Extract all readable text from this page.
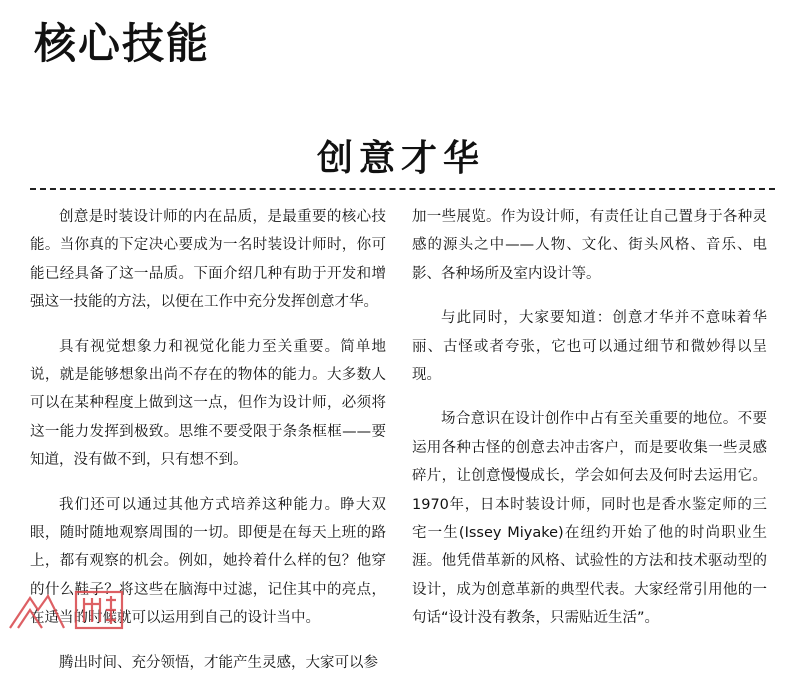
核心技能
创意才华

创意是时装设计师的内在品质，是最重要的核心技能。当你真的下定决心要成为一名时装设计师时，你可能已经具备了这一品质。下面介绍几种有助于开发和增强这一技能的方法，以便在工作中充分发挥创意才华。

具有视觉想象力和视觉化能力至关重要。简单地说，就是能够想象出尚不存在的物体的能力。大多数人可以在某种程度上做到这一点，但作为设计师，必须将这一能力发挥到极致。思维不要受限于条条框框——要知道，没有做不到，只有想不到。

我们还可以通过其他方式培养这种能力。睁大双眼，随时随地观察周围的一切。即便是在每天上班的路上，都有观察的机会。例如，她拎着什么样的包？他穿的什么鞋子？将这些在脑海中过滤，记住其中的亮点，在适当的时候就可以运用到自己的设计当中。

腾出时间、充分领悟，才能产生灵感，大家可以参

加一些展览。作为设计师，有责任让自己置身于各种灵感的源头之中——人物、文化、街头风格、音乐、电影、各种场所及室内设计等。

与此同时，大家要知道：创意才华并不意味着华丽、古怪或者夸张，它也可以通过细节和微妙得以呈现。

场合意识在设计创作中占有至关重要的地位。不要运用各种古怪的创意去冲击客户，而是要收集一些灵感碎片，让创意慢慢成长，学会如何去及何时去运用它。1970年，日本时装设计师，同时也是香水鉴定师的三宅一生(Issey Miyake)在纽约开始了他的时尚职业生涯。他凭借革新的风格、试验性的方法和技术驱动型的设计，成为创意革新的典型代表。大家经常引用他的一句话“设计没有教条，只需贴近生活”。
